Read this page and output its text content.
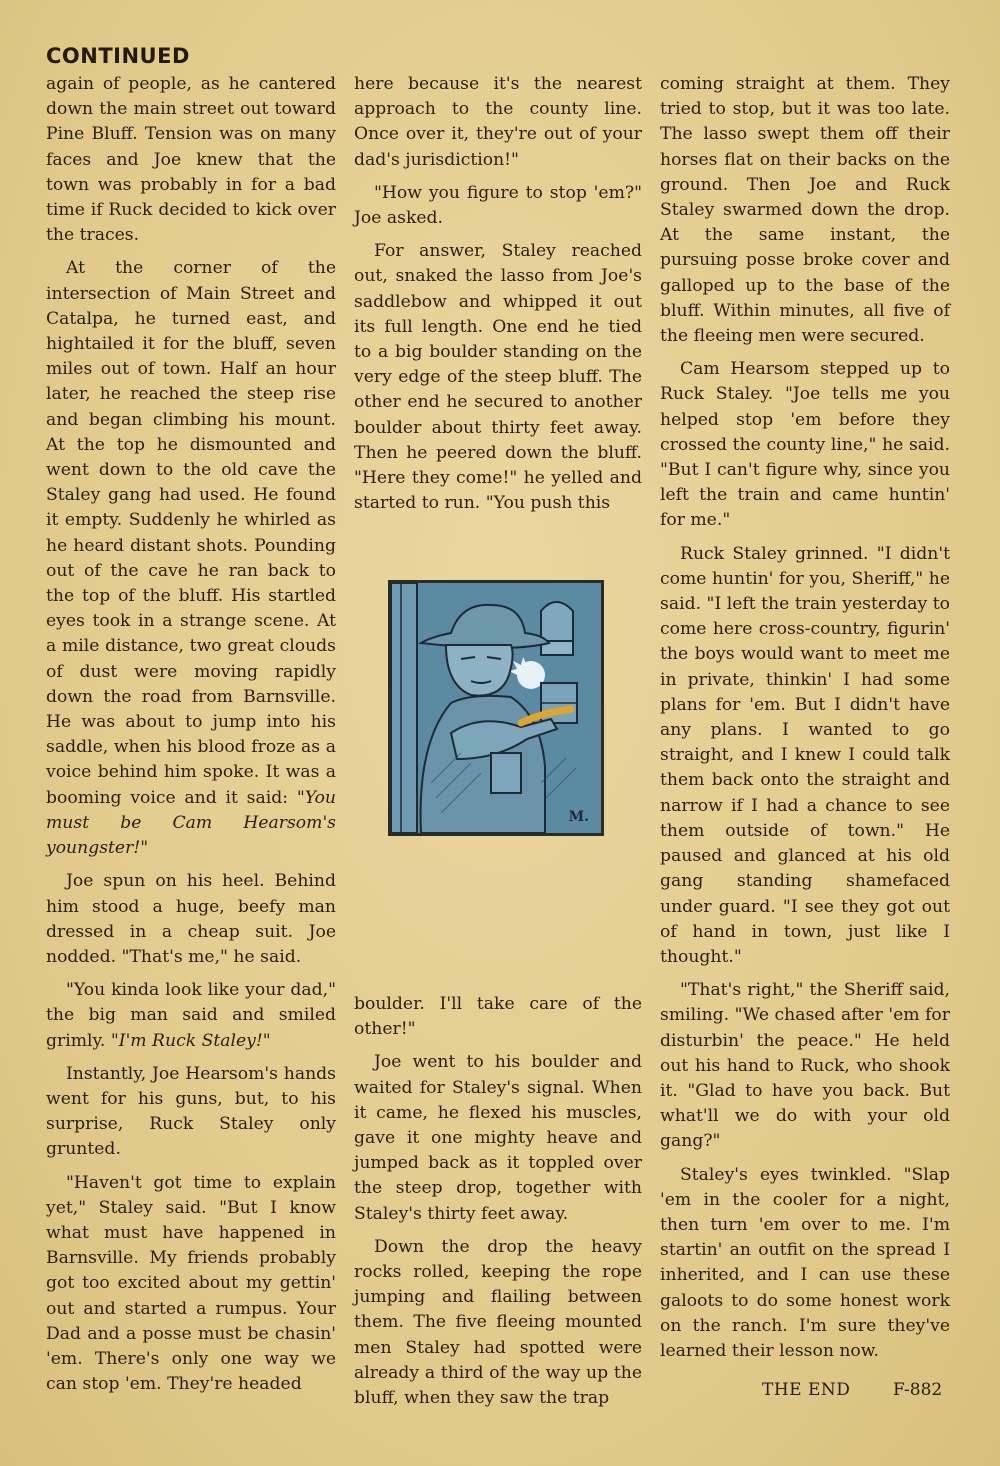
CONTINUED

again of people, as he cantered down the main street out toward Pine Bluff. Tension was on many faces and Joe knew that the town was probably in for a bad time if Ruck decided to kick over the traces.

At the corner of the intersection of Main Street and Catalpa, he turned east, and hightailed it for the bluff, seven miles out of town. Half an hour later, he reached the steep rise and began climbing his mount. At the top he dismounted and went down to the old cave the Staley gang had used. He found it empty. Suddenly he whirled as he heard distant shots. Pounding out of the cave he ran back to the top of the bluff. His startled eyes took in a strange scene. At a mile distance, two great clouds of dust were moving rapidly down the road from Barnsville. He was about to jump into his saddle, when his blood froze as a voice behind him spoke. It was a booming voice and it said: "You must be Cam Hearsom's youngster!"

Joe spun on his heel. Behind him stood a huge, beefy man dressed in a cheap suit. Joe nodded. "That's me," he said.

"You kinda look like your dad," the big man said and smiled grimly. "I'm Ruck Staley!"

Instantly, Joe Hearsom's hands went for his guns, but, to his surprise, Ruck Staley only grunted.

"Haven't got time to explain yet," Staley said. "But I know what must have happened in Barnsville. My friends probably got too excited about my gettin' out and started a rumpus. Your Dad and a posse must be chasin' 'em. There's only one way we can stop 'em. They're headed

here because it's the nearest approach to the county line. Once over it, they're out of your dad's jurisdiction!"

"How you figure to stop 'em?" Joe asked.

For answer, Staley reached out, snaked the lasso from Joe's saddlebow and whipped it out its full length. One end he tied to a big boulder standing on the very edge of the steep bluff. The other end he secured to another boulder about thirty feet away. Then he peered down the bluff. "Here they come!" he yelled and started to run. "You push this

M.

boulder. I'll take care of the other!"

Joe went to his boulder and waited for Staley's signal. When it came, he flexed his muscles, gave it one mighty heave and jumped back as it toppled over the steep drop, together with Staley's thirty feet away.

Down the drop the heavy rocks rolled, keeping the rope jumping and flailing between them. The five fleeing mounted men Staley had spotted were already a third of the way up the bluff, when they saw the trap

coming straight at them. They tried to stop, but it was too late. The lasso swept them off their horses flat on their backs on the ground. Then Joe and Ruck Staley swarmed down the drop. At the same instant, the pursuing posse broke cover and galloped up to the base of the bluff. Within minutes, all five of the fleeing men were secured.

Cam Hearsom stepped up to Ruck Staley. "Joe tells me you helped stop 'em before they crossed the county line," he said. "But I can't figure why, since you left the train and came huntin' for me."

Ruck Staley grinned. "I didn't come huntin' for you, Sheriff," he said. "I left the train yesterday to come here cross-country, figurin' the boys would want to meet me in private, thinkin' I had some plans for 'em. But I didn't have any plans. I wanted to go straight, and I knew I could talk them back onto the straight and narrow if I had a chance to see them outside of town." He paused and glanced at his old gang standing shamefaced under guard. "I see they got out of hand in town, just like I thought."

"That's right," the Sheriff said, smiling. "We chased after 'em for disturbin' the peace." He held out his hand to Ruck, who shook it. "Glad to have you back. But what'll we do with your old gang?"

Staley's eyes twinkled. "Slap 'em in the cooler for a night, then turn 'em over to me. I'm startin' an outfit on the spread I inherited, and I can use these galoots to do some honest work on the ranch. I'm sure they've learned their lesson now.

THE END	F-882
